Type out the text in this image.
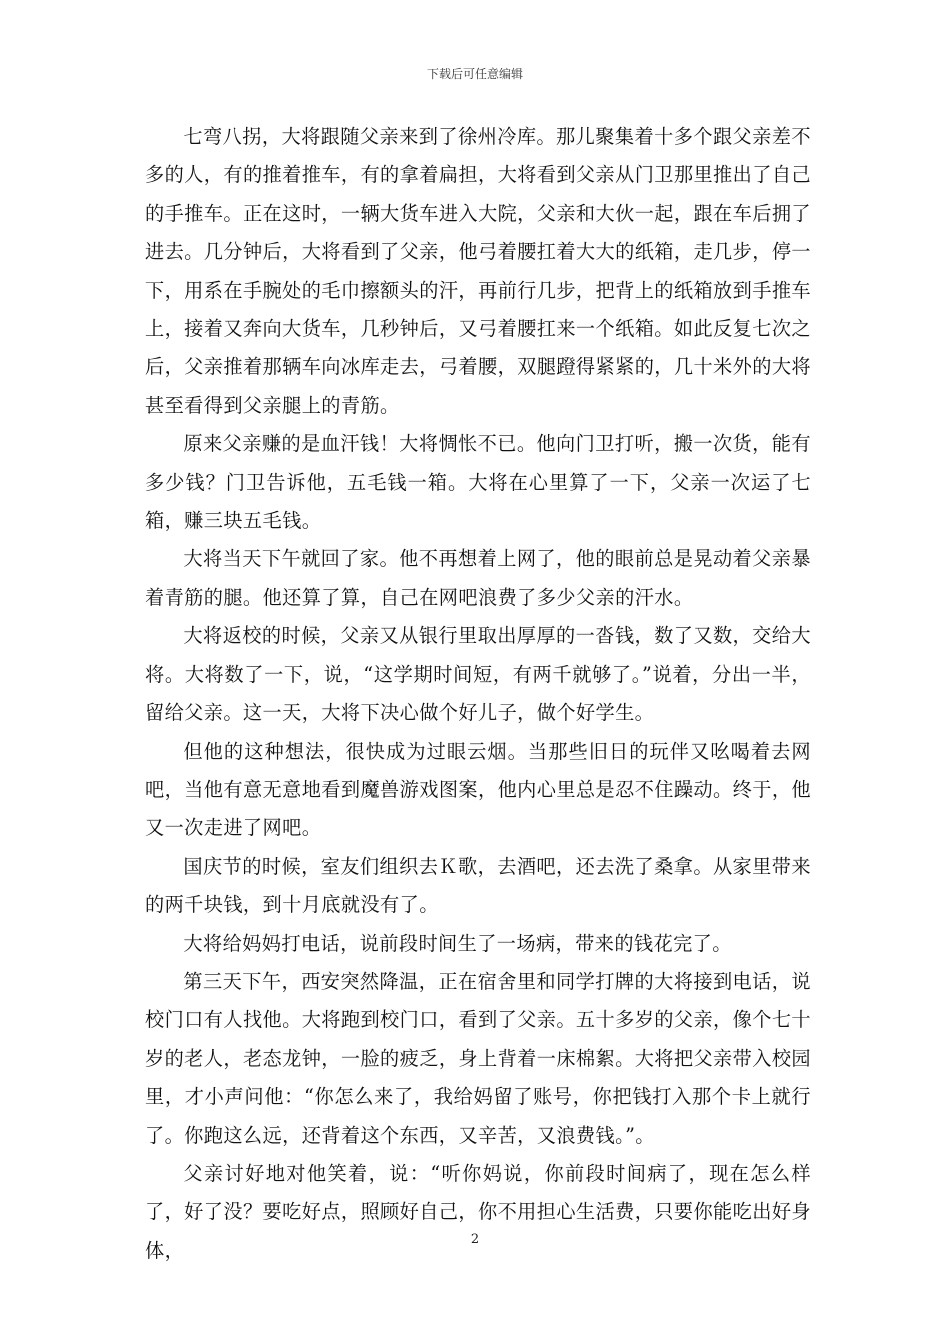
下载后可任意编辑

七弯八拐，大将跟随父亲来到了徐州冷库。那儿聚集着十多个跟父亲差不多的人，有的推着推车，有的拿着扁担，大将看到父亲从门卫那里推出了自己的手推车。正在这时，一辆大货车进入大院，父亲和大伙一起，跟在车后拥了进去。几分钟后，大将看到了父亲，他弓着腰扛着大大的纸箱，走几步，停一下，用系在手腕处的毛巾擦额头的汗，再前行几步，把背上的纸箱放到手推车上，接着又奔向大货车，几秒钟后，又弓着腰扛来一个纸箱。如此反复七次之后，父亲推着那辆车向冰库走去，弓着腰，双腿蹬得紧紧的，几十米外的大将甚至看得到父亲腿上的青筋。

原来父亲赚的是血汗钱！大将惆怅不已。他向门卫打听，搬一次货，能有多少钱？门卫告诉他，五毛钱一箱。大将在心里算了一下，父亲一次运了七箱，赚三块五毛钱。

大将当天下午就回了家。他不再想着上网了，他的眼前总是晃动着父亲暴着青筋的腿。他还算了算，自己在网吧浪费了多少父亲的汗水。

大将返校的时候，父亲又从银行里取出厚厚的一沓钱，数了又数，交给大将。大将数了一下，说，“这学期时间短，有两千就够了。”说着，分出一半，留给父亲。这一天，大将下决心做个好儿子，做个好学生。

但他的这种想法，很快成为过眼云烟。当那些旧日的玩伴又吆喝着去网吧，当他有意无意地看到魔兽游戏图案，他内心里总是忍不住躁动。终于，他又一次走进了网吧。

国庆节的时候，室友们组织去Ｋ歌，去酒吧，还去洗了桑拿。从家里带来的两千块钱，到十月底就没有了。

大将给妈妈打电话，说前段时间生了一场病，带来的钱花完了。

第三天下午，西安突然降温，正在宿舍里和同学打牌的大将接到电话，说校门口有人找他。大将跑到校门口，看到了父亲。五十多岁的父亲，像个七十岁的老人，老态龙钟，一脸的疲乏，身上背着一床棉絮。大将把父亲带入校园里，才小声问他：“你怎么来了，我给妈留了账号，你把钱打入那个卡上就行了。你跑这么远，还背着这个东西，又辛苦，又浪费钱。”。

父亲讨好地对他笑着，说：“听你妈说，你前段时间病了，现在怎么样了，好了没？要吃好点，照顾好自己，你不用担心生活费，只要你能吃出好身体，	2
